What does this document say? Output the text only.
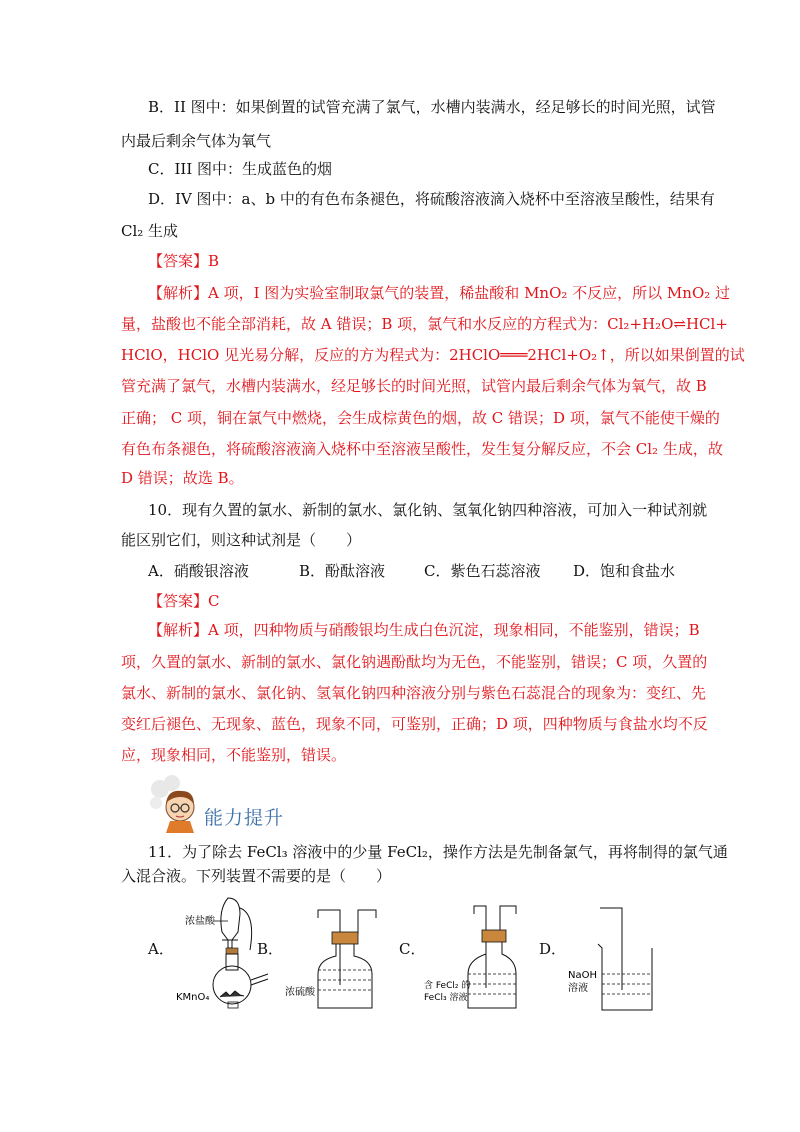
B．II 图中：如果倒置的试管充满了氯气，水槽内装满水，经足够长的时间光照，试管
内最后剩余气体为氧气
C．III 图中：生成蓝色的烟
D．IV 图中：a、b 中的有色布条褪色，将硫酸溶液滴入烧杯中至溶液呈酸性，结果有
Cl₂ 生成
【答案】B
【解析】A 项，I 图为实验室制取氯气的装置，稀盐酸和 MnO₂ 不反应，所以 MnO₂ 过
量，盐酸也不能全部消耗，故 A 错误；B 项，氯气和水反应的方程式为：Cl₂+H₂O⇌HCl+
HClO，HClO 见光易分解，反应的方为程式为：2HClO═══2HCl+O₂↑，所以如果倒置的试
管充满了氯气，水槽内装满水，经足够长的时间光照，试管内最后剩余气体为氧气，故 B
正确； C 项，铜在氯气中燃烧，会生成棕黄色的烟，故 C 错误；D 项，氯气不能使干燥的
有色布条褪色，将硫酸溶液滴入烧杯中至溶液呈酸性，发生复分解反应，不会 Cl₂ 生成，故
D 错误；故选 B。
10．现有久置的氯水、新制的氯水、氯化钠、氢氧化钠四种溶液，可加入一种试剂就
能区别它们，则这种试剂是（　　）
A．硝酸银溶液	B．酚酞溶液	C．紫色石蕊溶液 D．饱和食盐水
【答案】C
【解析】A 项，四种物质与硝酸银均生成白色沉淀，现象相同，不能鉴别，错误；B
项，久置的氯水、新制的氯水、氯化钠遇酚酞均为无色，不能鉴别，错误；C 项，久置的
氯水、新制的氯水、氯化钠、氢氧化钠四种溶液分别与紫色石蕊混合的现象为：变红、先
变红后褪色、无现象、蓝色，现象不同，可鉴别，正确；D 项，四种物质与食盐水均不反
应，现象相同，不能鉴别，错误。
能力提升
11．为了除去 FeCl₃ 溶液中的少量 FeCl₂，操作方法是先制备氯气，再将制得的氯气通
入混合液。下列装置不需要的是（　　）
A．	B．	C．	D．
浓盐酸
KMnO₄	浓硫酸
含 FeCl₂ 的
FeCl₃ 溶液
NaOH
溶液
